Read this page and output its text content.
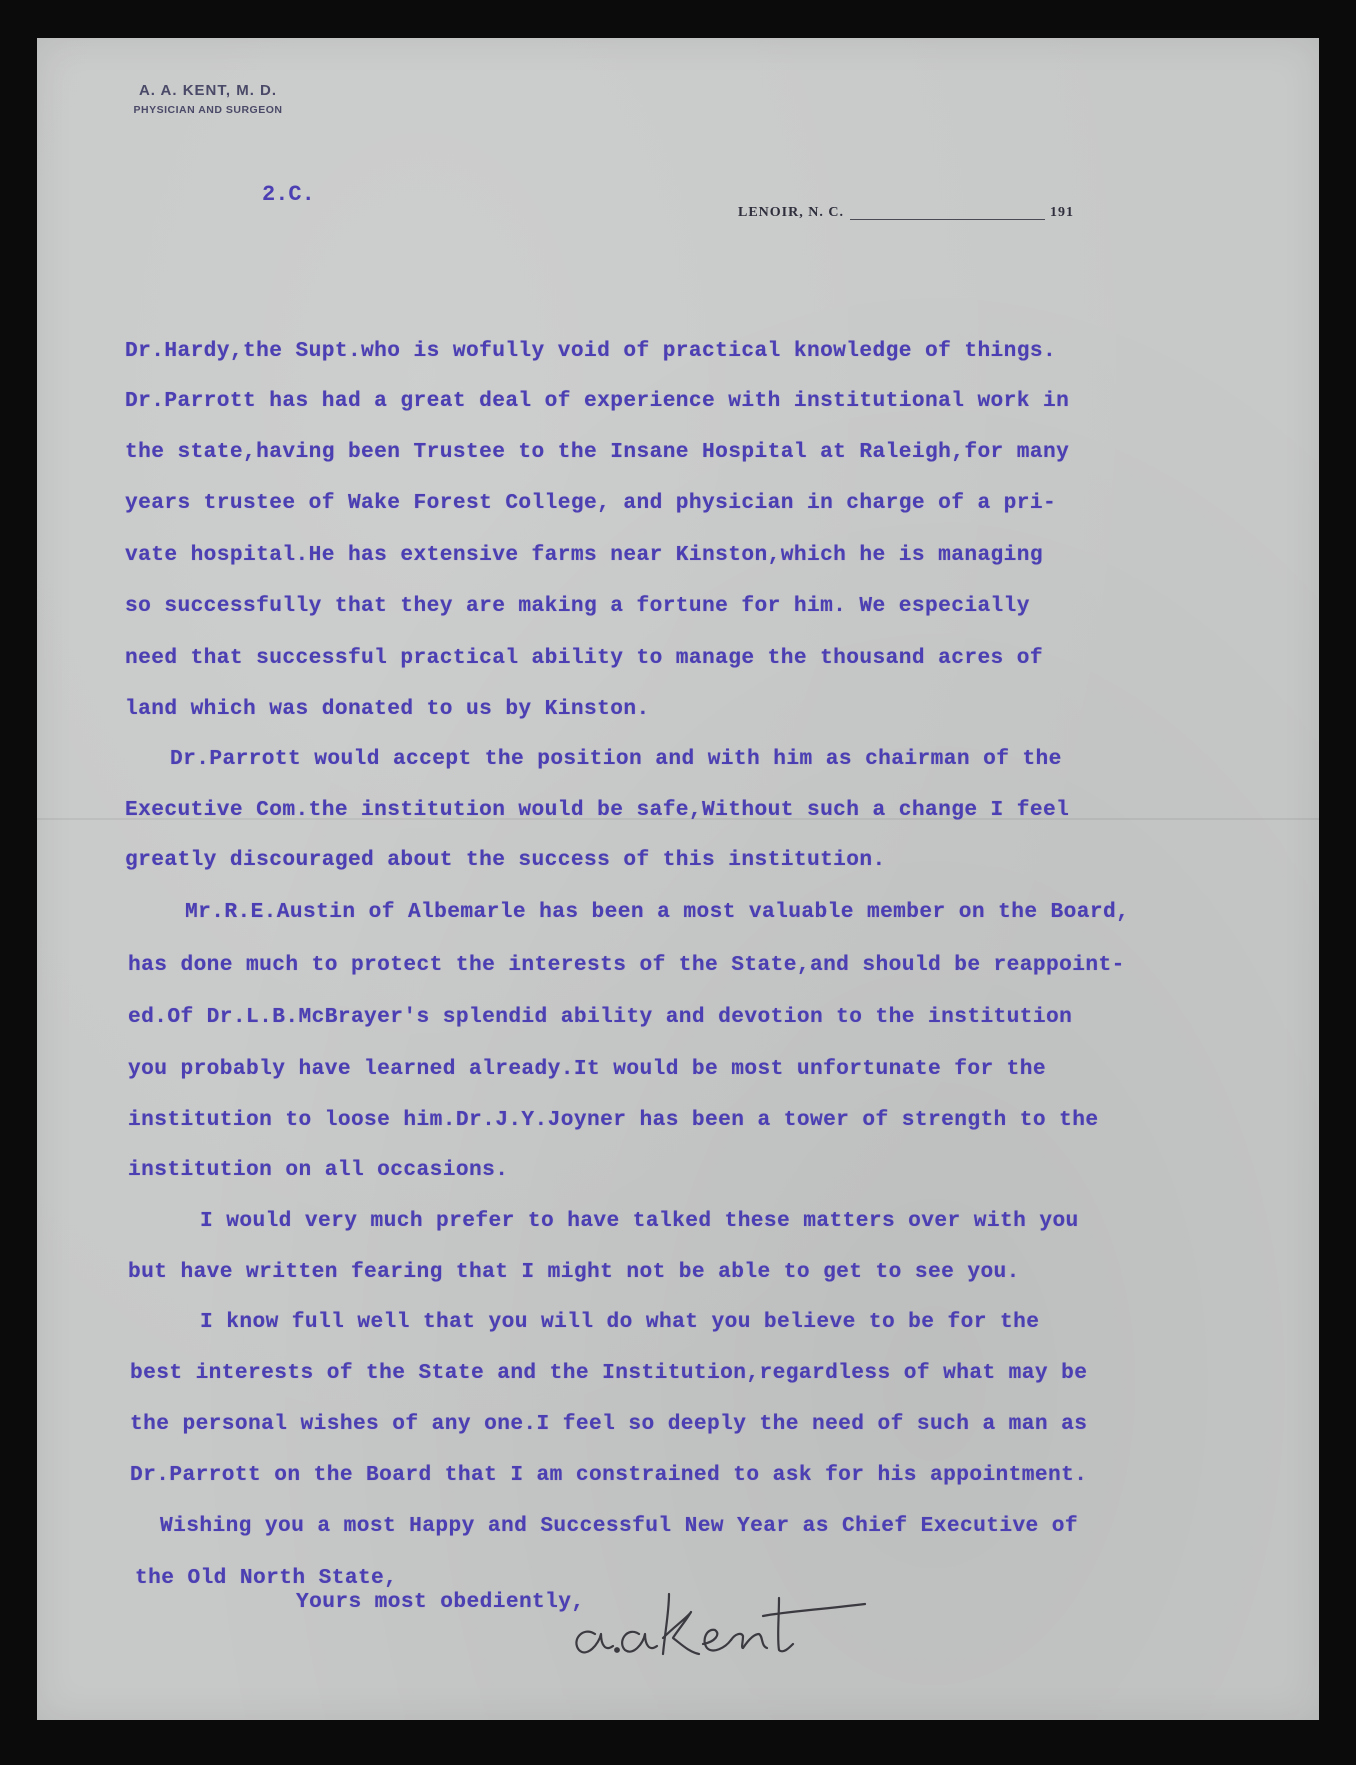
A. A. KENT, M. D.
PHYSICIAN AND SURGEON
2.C.
LENOIR, N. C.	191
Dr.Hardy,the Supt.who is wofully void of practical knowledge of things.
Dr.Parrott has had a great deal of experience with institutional work in
the state,having been Trustee to the Insane Hospital at Raleigh,for many
years trustee of Wake Forest College, and physician in charge of a pri-
vate hospital.He has extensive farms near Kinston,which he is managing
so successfully that they are making a fortune for him. We especially
need that successful practical ability to manage the thousand acres of
land which was donated to us by Kinston.
Dr.Parrott would accept the position and with him as chairman of the
Executive Com.the institution would be safe,Without such a change I feel
greatly discouraged about the success of this institution.
Mr.R.E.Austin of Albemarle has been a most valuable member on the Board,
has done much to protect the interests of the State,and should be reappoint-
ed.Of Dr.L.B.McBrayer's splendid ability and devotion to the institution
you probably have learned already.It would be most unfortunate for the
institution to loose him.Dr.J.Y.Joyner has been a tower of strength to the
institution on all occasions.
I would very much prefer to have talked these matters over with you
but have written fearing that I might not be able to get to see you.
I know full well that you will do what you believe to be for the
best interests of the State and the Institution,regardless of what may be
the personal wishes of any one.I feel so deeply the need of such a man as
Dr.Parrott on the Board that I am constrained to ask for his appointment.
Wishing you a most Happy and Successful New Year as Chief Executive of
the Old North State,
Yours most obediently,
